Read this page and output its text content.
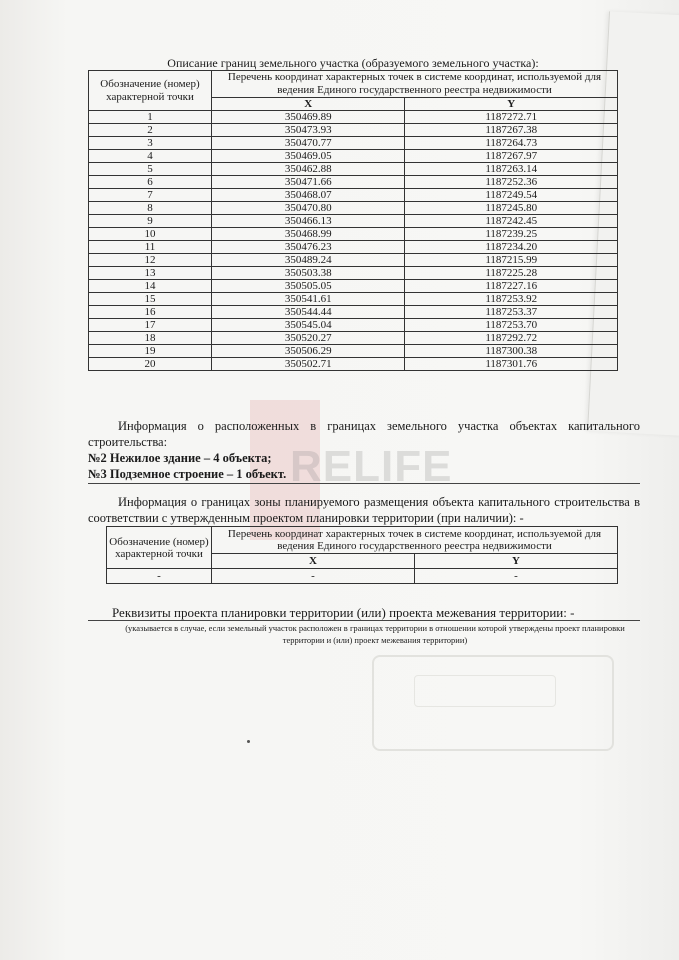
RELIFE
Описание границ земельного участка (образуемого земельного участка):
Обозначение (номер) характерной точки	Перечень координат характерных точек в системе координат, используемой для ведения Единого государственного реестра недвижимости	
	X	Y
1	350469.89	1187272.71
2	350473.93	1187267.38
3	350470.77	1187264.73
4	350469.05	1187267.97
5	350462.88	1187263.14
6	350471.66	1187252.36
7	350468.07	1187249.54
8	350470.80	1187245.80
9	350466.13	1187242.45
10	350468.99	1187239.25
11	350476.23	1187234.20
12	350489.24	1187215.99
13	350503.38	1187225.28
14	350505.05	1187227.16
15	350541.61	1187253.92
16	350544.44	1187253.37
17	350545.04	1187253.70
18	350520.27	1187292.72
19	350506.29	1187300.38
20	350502.71	1187301.76
Информация о расположенных в границах земельного участка объектах капитального строительства:
№2 Нежилое здание – 4 объекта;
№3 Подземное строение – 1 объект.
Информация о границах зоны планируемого размещения объекта капитального строительства в соответствии с утвержденным проектом планировки территории (при наличии): -
Обозначение (номер) характерной точки	Перечень координат характерных точек в системе координат, используемой для ведения Единого государственного реестра недвижимости	
	X	Y
-	-	-
Реквизиты проекта планировки территории (или) проекта межевания территории: -
(указывается в случае, если земельный участок расположен в границах территории в отношении которой утверждены проект планировки территории и (или) проект межевания территории)
